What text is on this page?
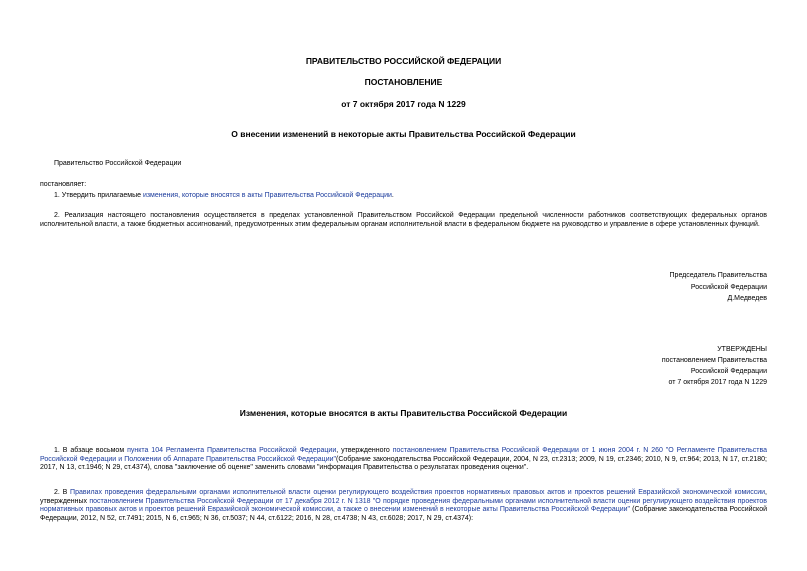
ПРАВИТЕЛЬСТВО РОССИЙСКОЙ ФЕДЕРАЦИИ
ПОСТАНОВЛЕНИЕ
от 7 октября 2017 года N 1229
О внесении изменений в некоторые акты Правительства Российской Федерации
Правительство Российской Федерации
постановляет:
1. Утвердить прилагаемые изменения, которые вносятся в акты Правительства Российской Федерации.
2. Реализация настоящего постановления осуществляется в пределах установленной Правительством Российской Федерации предельной численности работников соответствующих федеральных органов исполнительной власти, а также бюджетных ассигнований, предусмотренных этим федеральным органам исполнительной власти в федеральном бюджете на руководство и управление в сфере установленных функций.
Председатель Правительства
Российской Федерации
Д.Медведев
УТВЕРЖДЕНЫ
постановлением Правительства
Российской Федерации
от 7 октября 2017 года N 1229
Изменения, которые вносятся в акты Правительства Российской Федерации
1. В абзаце восьмом пункта 104 Регламента Правительства Российской Федерации, утвержденного постановлением Правительства Российской Федерации от 1 июня 2004 г. N 260 "О Регламенте Правительства Российской Федерации и Положении об Аппарате Правительства Российской Федерации"(Собрание законодательства Российской Федерации, 2004, N 23, ст.2313; 2009, N 19, ст.2346; 2010, N 9, ст.964; 2013, N 17, ст.2180; 2017, N 13, ст.1946; N 29, ст.4374), слова "заключение об оценке" заменить словами "информация Правительства о результатах проведения оценки".
2. В Правилах проведения федеральными органами исполнительной власти оценки регулирующего воздействия проектов нормативных правовых актов и проектов решений Евразийской экономической комиссии, утвержденных постановлением Правительства Российской Федерации от 17 декабря 2012 г. N 1318 "О порядке проведения федеральными органами исполнительной власти оценки регулирующего воздействия проектов нормативных правовых актов и проектов решений Евразийской экономической комиссии, а также о внесении изменений в некоторые акты Правительства Российской Федерации" (Собрание законодательства Российской Федерации, 2012, N 52, ст.7491; 2015, N 6, ст.965; N 36, ст.5037; N 44, ст.6122; 2016, N 28, ст.4738; N 43, ст.6028; 2017, N 29, ст.4374):
